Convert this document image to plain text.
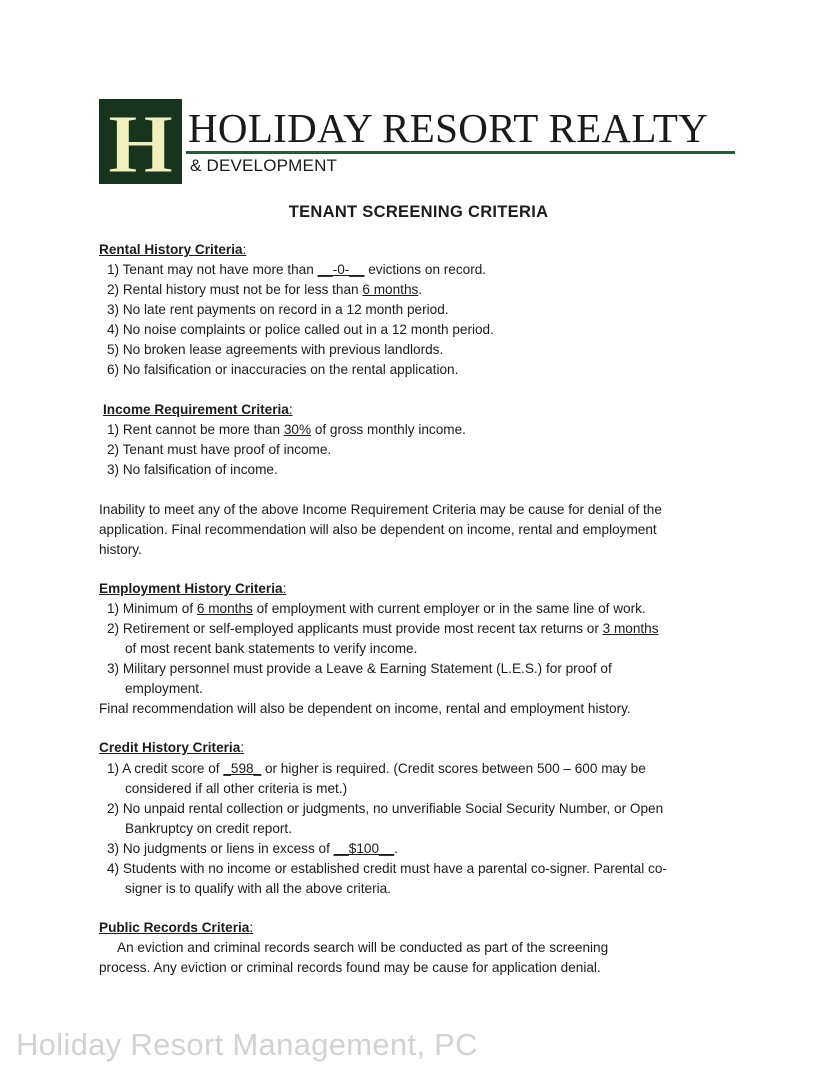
H HOLIDAY RESORT REALTY
& DEVELOPMENT
TENANT SCREENING CRITERIA
Rental History Criteria:
1) Tenant may not have more than __-0-__ evictions on record.
2) Rental history must not be for less than 6 months.
3) No late rent payments on record in a 12 month period.
4) No noise complaints or police called out in a 12 month period.
5) No broken lease agreements with previous landlords.
6) No falsification or inaccuracies on the rental application.
Income Requirement Criteria:
1) Rent cannot be more than 30% of gross monthly income.
2) Tenant must have proof of income.
3) No falsification of income.
Inability to meet any of the above Income Requirement Criteria may be cause for denial of the
application. Final recommendation will also be dependent on income, rental and employment
history.
Employment History Criteria:
1) Minimum of 6 months of employment with current employer or in the same line of work.
2) Retirement or self-employed applicants must provide most recent tax returns or 3 months
of most recent bank statements to verify income.
3) Military personnel must provide a Leave & Earning Statement (L.E.S.) for proof of
employment.
Final recommendation will also be dependent on income, rental and employment history.
Credit History Criteria:
1) A credit score of _598_ or higher is required. (Credit scores between 500 – 600 may be
considered if all other criteria is met.)
2) No unpaid rental collection or judgments, no unverifiable Social Security Number, or Open
Bankruptcy on credit report.
3) No judgments or liens in excess of __$100__.
4) Students with no income or established credit must have a parental co-signer. Parental co-
signer is to qualify with all the above criteria.
Public Records Criteria:
An eviction and criminal records search will be conducted as part of the screening
process. Any eviction or criminal records found may be cause for application denial.
Holiday Resort Management, PC
